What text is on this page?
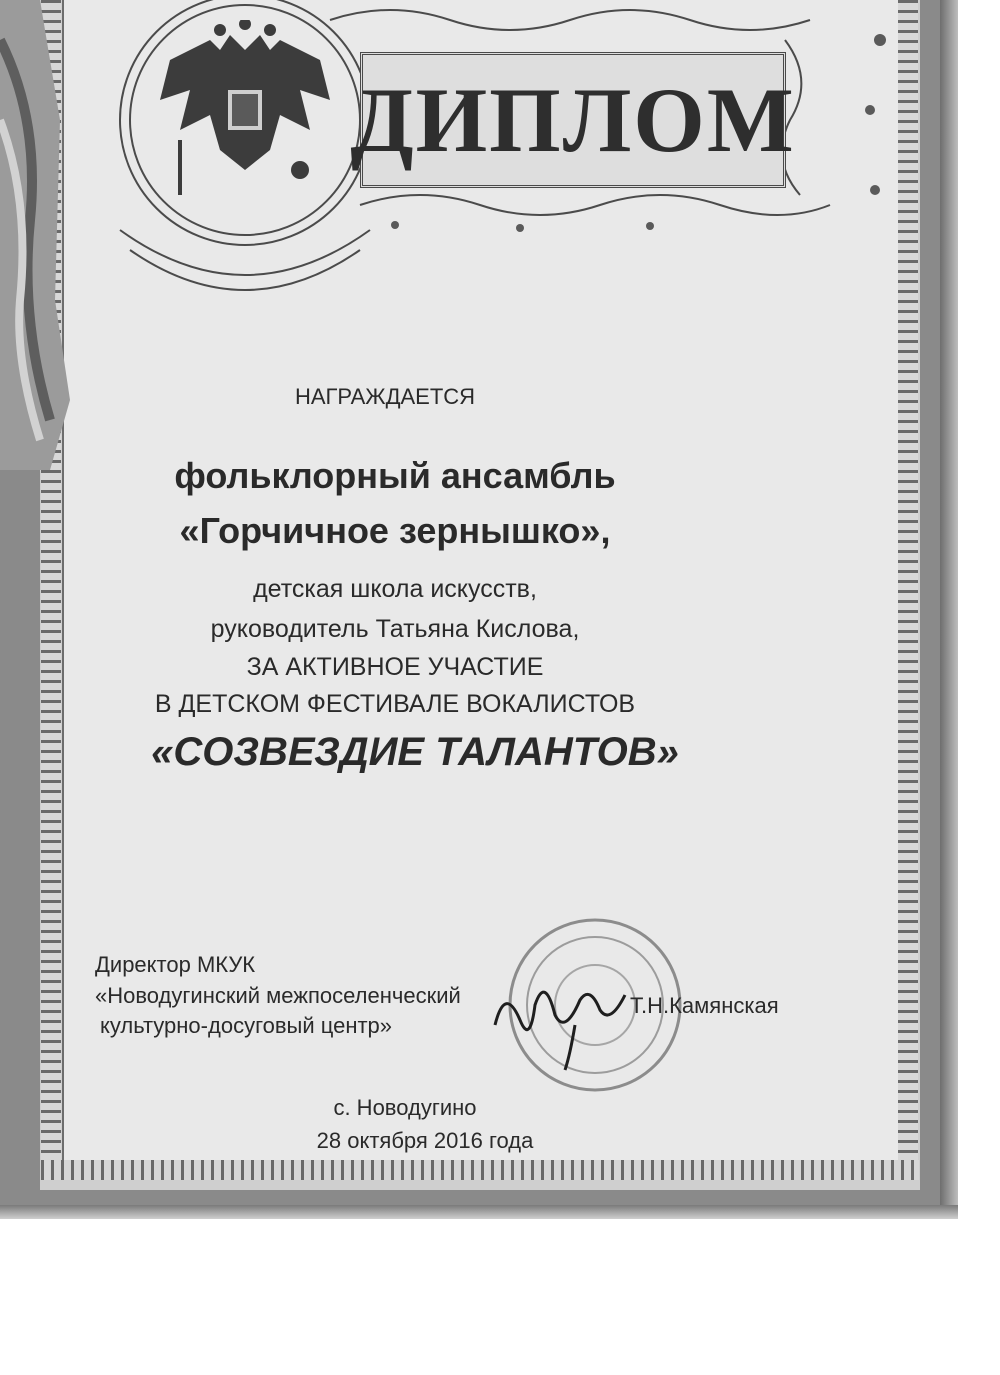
ДИПЛОМ
НАГРАЖДАЕТСЯ
фольклорный ансамбль
«Горчичное зернышко»,
детская школа искусств,
руководитель Татьяна Кислова,
ЗА АКТИВНОЕ УЧАСТИЕ
В ДЕТСКОМ ФЕСТИВАЛЕ ВОКАЛИСТОВ
«СОЗВЕЗДИЕ ТАЛАНТОВ»
Директор МКУК
«Новодугинский межпоселенческий
культурно-досуговый центр»
Т.Н.Камянская
с. Новодугино
28 октября 2016 года
